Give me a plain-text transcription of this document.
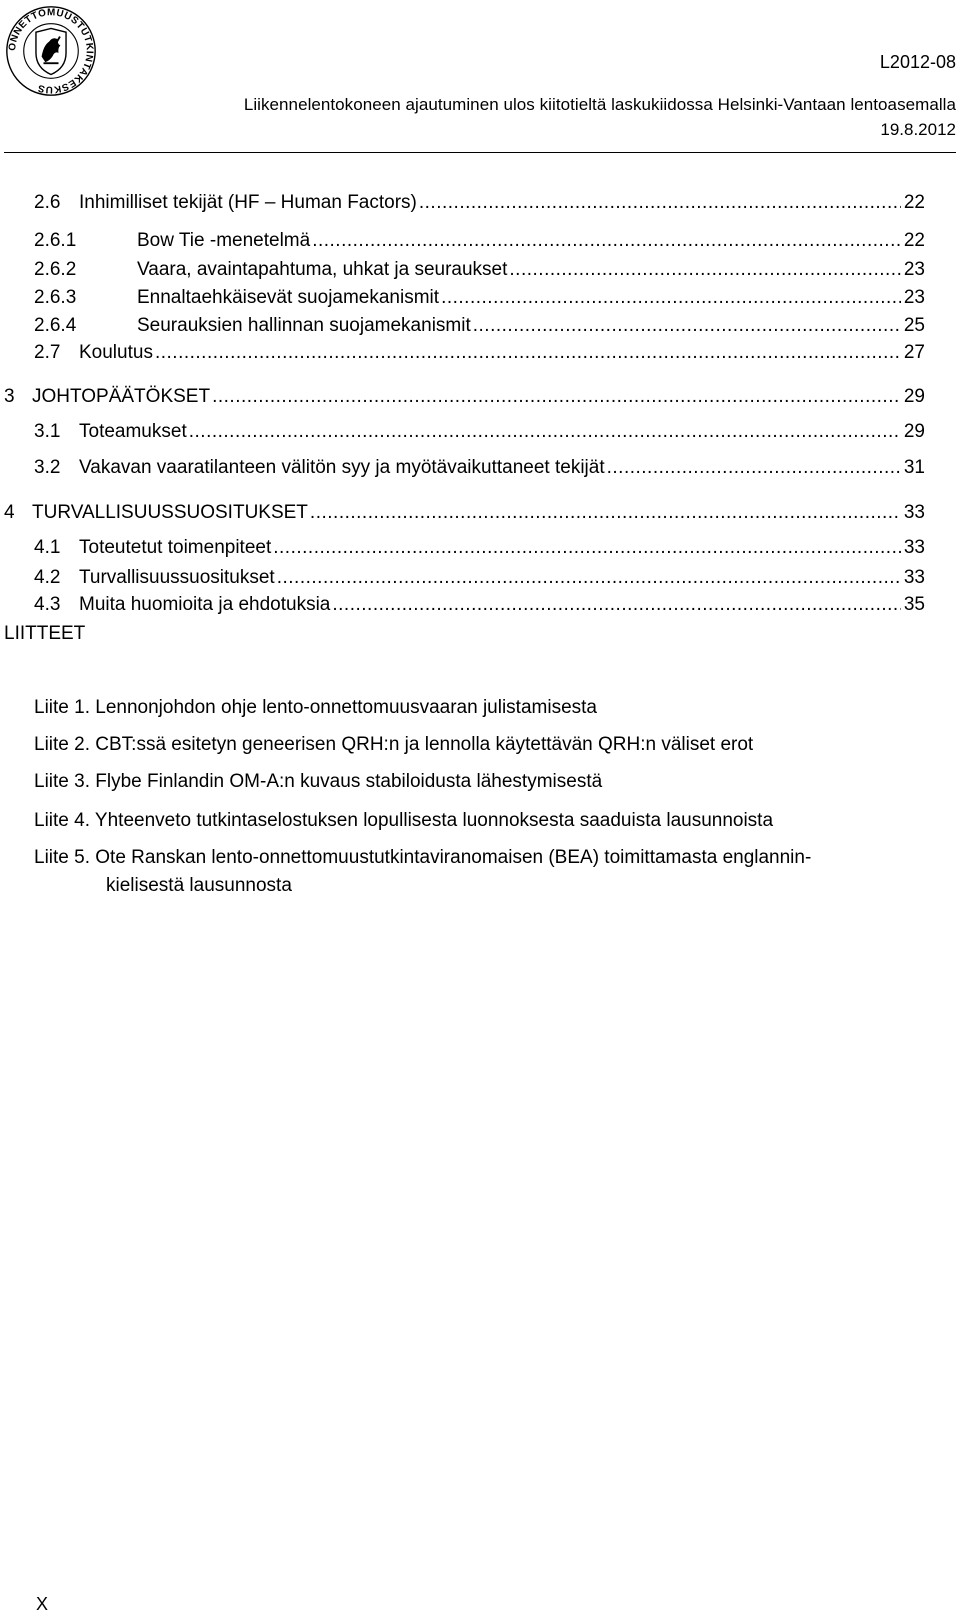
ONNETTOMUUSTUTKINTAKESKUS
L2012-08
Liikennelentokoneen ajautuminen ulos kiitotieltä laskukiidossa Helsinki-Vantaan lentoasemalla
19.8.2012
2.6 Inhimilliset tekijät (HF – Human Factors) .....	22
2.6.1	Bow Tie -menetelmä .....	22
2.6.2	Vaara, avaintapahtuma, uhkat ja seuraukset .....	23
2.6.3	Ennaltaehkäisevät suojamekanismit .....	23
2.6.4	Seurauksien hallinnan suojamekanismit .....	25
2.7 Koulutus .....	27
3 JOHTOPÄÄTÖKSET .....	29
3.1 Toteamukset .....	29
3.2 Vakavan vaaratilanteen välitön syy ja myötävaikuttaneet tekijät .....	31
4 TURVALLISUUSSUOSITUKSET .....	33
4.1 Toteutetut toimenpiteet .....	33
4.2 Turvallisuussuositukset .....	33
4.3 Muita huomioita ja ehdotuksia .....	35
LIITTEET
Liite 1. Lennonjohdon ohje lento-onnettomuusvaaran julistamisesta
Liite 2. CBT:ssä esitetyn geneerisen QRH:n ja lennolla käytettävän QRH:n väliset erot
Liite 3. Flybe Finlandin OM-A:n kuvaus stabiloidusta lähestymisestä
Liite 4. Yhteenveto tutkintaselostuksen lopullisesta luonnoksesta saaduista lausunnoista
Liite 5. Ote Ranskan lento-onnettomuustutkintaviranomaisen (BEA) toimittamasta englannin-
kielisestä lausunnosta
X
